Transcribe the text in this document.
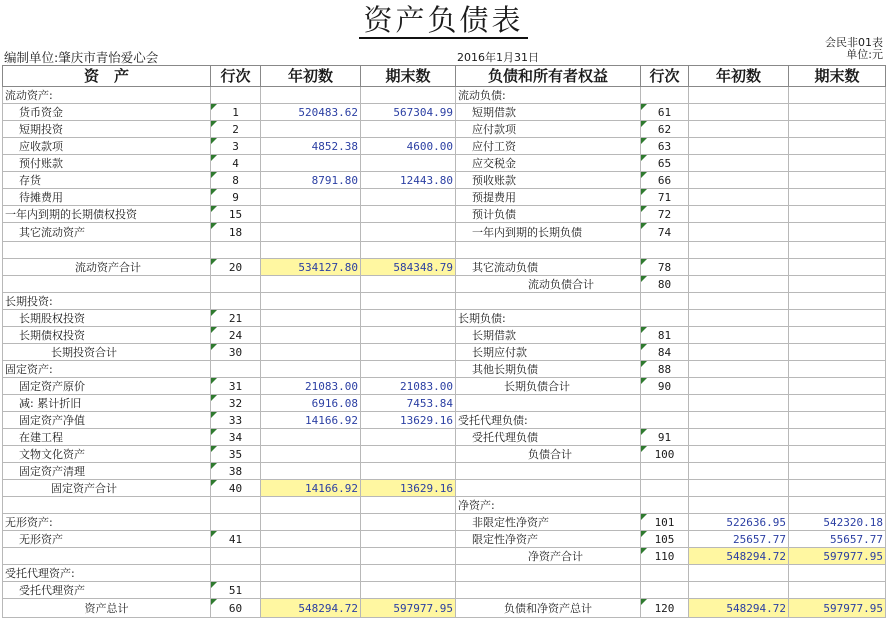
资产负债表
会民非01表
单位:元
编制单位:肇庆市青怡爱心会	2016年1月31日
资　产	行次	年初数	期末数	负债和所有者权益	行次	年初数	期末数
流动资产:				流动负债:			
货币资金	1	520483.62	567304.99	短期借款	61		
短期投资	2			应付款项	62		
应收款项	3	4852.38	4600.00	应付工资	63		
预付账款	4			应交税金	65		
存货	8	8791.80	12443.80	预收账款	66		
待摊费用	9			预提费用	71		
一年内到期的长期债权投资	15			预计负债	72		
其它流动资产	18			一年内到期的长期负债	74		

流动资产合计	20	534127.80	584348.79	其它流动负债	78		
				流动负债合计	80		
长期投资:							
长期股权投资	21			长期负债:			
长期债权投资	24			长期借款	81		
长期投资合计	30			长期应付款	84		
固定资产:				其他长期负债	88		
固定资产原价	31	21083.00	21083.00	长期负债合计	90		
减: 累计折旧	32	6916.08	7453.84				
固定资产净值	33	14166.92	13629.16	受托代理负债:			
在建工程	34			受托代理负债	91		
文物文化资产	35			负债合计	100		
固定资产清理	38						
固定资产合计	40	14166.92	13629.16				
				净资产:			
无形资产:				非限定性净资产	101	522636.95	542320.18
无形资产	41			限定性净资产	105	25657.77	55657.77
				净资产合计	110	548294.72	597977.95
受托代理资产:							
受托代理资产	51						
资产总计	60	548294.72	597977.95	负债和净资产总计	120	548294.72	597977.95
